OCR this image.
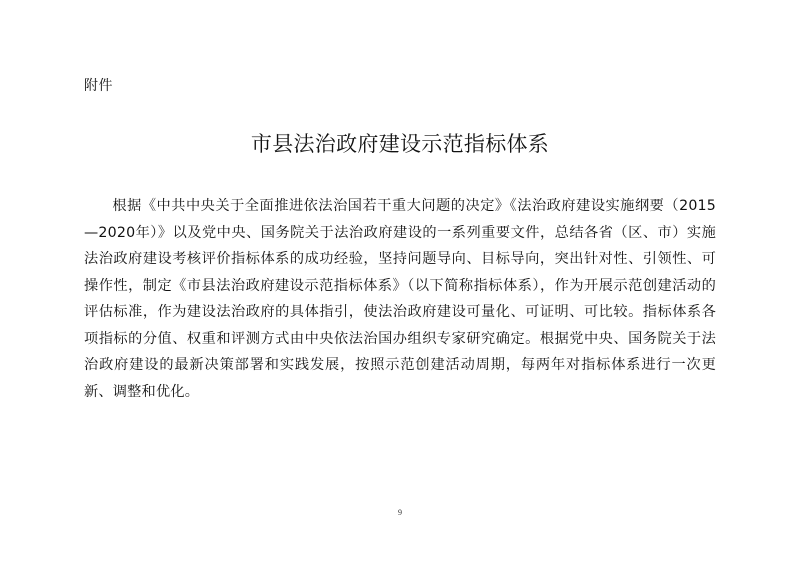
附件
市县法治政府建设示范指标体系

根据《中共中央关于全面推进依法治国若干重大问题的决定》《法治政府建设实施纲要（2015—2020年）》以及党中央、国务院关于法治政府建设的一系列重要文件，总结各省（区、市）实施法治政府建设考核评价指标体系的成功经验，坚持问题导向、目标导向，突出针对性、引领性、可操作性，制定《市县法治政府建设示范指标体系》（以下简称指标体系），作为开展示范创建活动的评估标准，作为建设法治政府的具体指引，使法治政府建设可量化、可证明、可比较。指标体系各项指标的分值、权重和评测方式由中央依法治国办组织专家研究确定。根据党中央、国务院关于法治政府建设的最新决策部署和实践发展，按照示范创建活动周期，每两年对指标体系进行一次更新、调整和优化。

9
